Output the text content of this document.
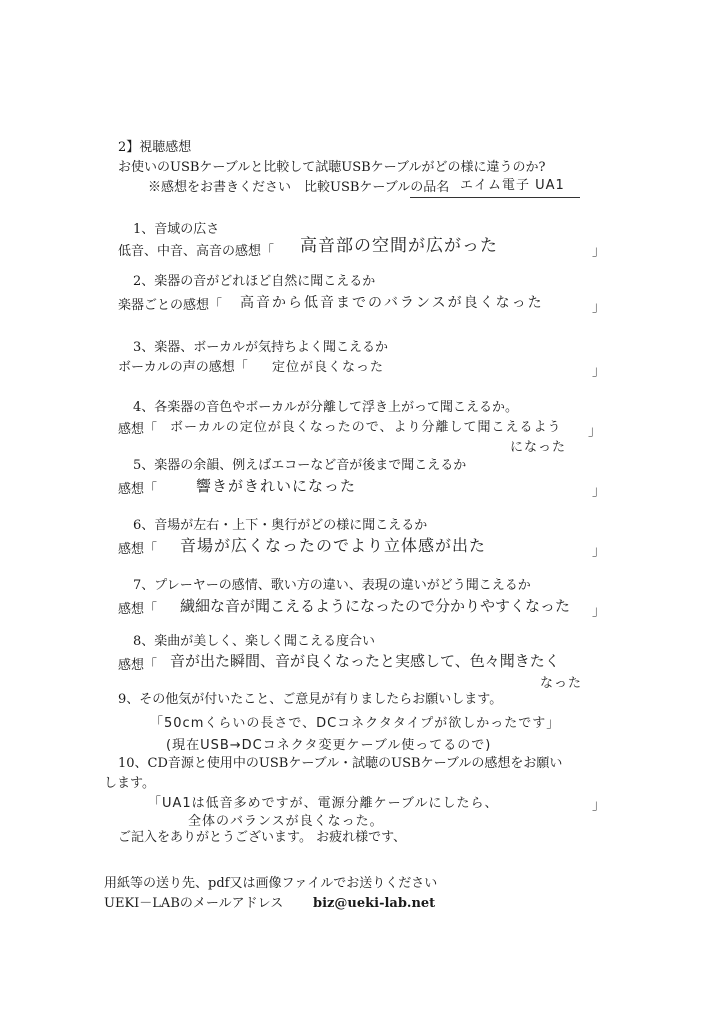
2】視聴感想
お使いのUSBケーブルと比較して試聴USBケーブルがどの様に違うのか?
※感想をお書きください　比較USBケーブルの品名 エイム電子 UA1
1、音域の広さ
低音、中音、高音の感想「 高音部の空間が広がった	」
2、楽器の音がどれほど自然に聞こえるか
楽器ごとの感想「 高音から低音までのバランスが良くなった	」
3、楽器、ボーカルが気持ちよく聞こえるか
ボーカルの声の感想「 定位が良くなった	」
4、各楽器の音色やボーカルが分離して浮き上がって聞こえるか。
感想「 ボーカルの定位が良くなったので、より分離して聞こえるよう 」
になった
5、楽器の余韻、例えばエコーなど音が後まで聞こえるか
感想「	響きがきれいになった	」
6、音場が左右・上下・奥行がどの様に聞こえるか
感想「 音場が広くなったのでより立体感が出た	」
7、プレーヤーの感情、歌い方の違い、表現の違いがどう聞こえるか
感想「 繊細な音が聞こえるようになったので分かりやすくなった 」
8、楽曲が美しく、楽しく聞こえる度合い
感想「 音が出た瞬間、音が良くなったと実感して、色々聞きたく
なった
9、その他気が付いたこと、ご意見が有りましたらお願いします。
「50cmくらいの長さで、DCコネクタタイプが欲しかったです」
(現在USB→DCコネクタ変更ケーブル使ってるので)
10、CD音源と使用中のUSBケーブル・試聴のUSBケーブルの感想をお願い
します。
「UA1は低音多めですが、電源分離ケーブルにしたら、	」
全体のバランスが良くなった。
ご記入をありがとうございます。 お疲れ様です、
用紙等の送り先、pdf又は画像ファイルでお送りください
UEKI－LABのメールアドレス biz@ueki-lab.net
